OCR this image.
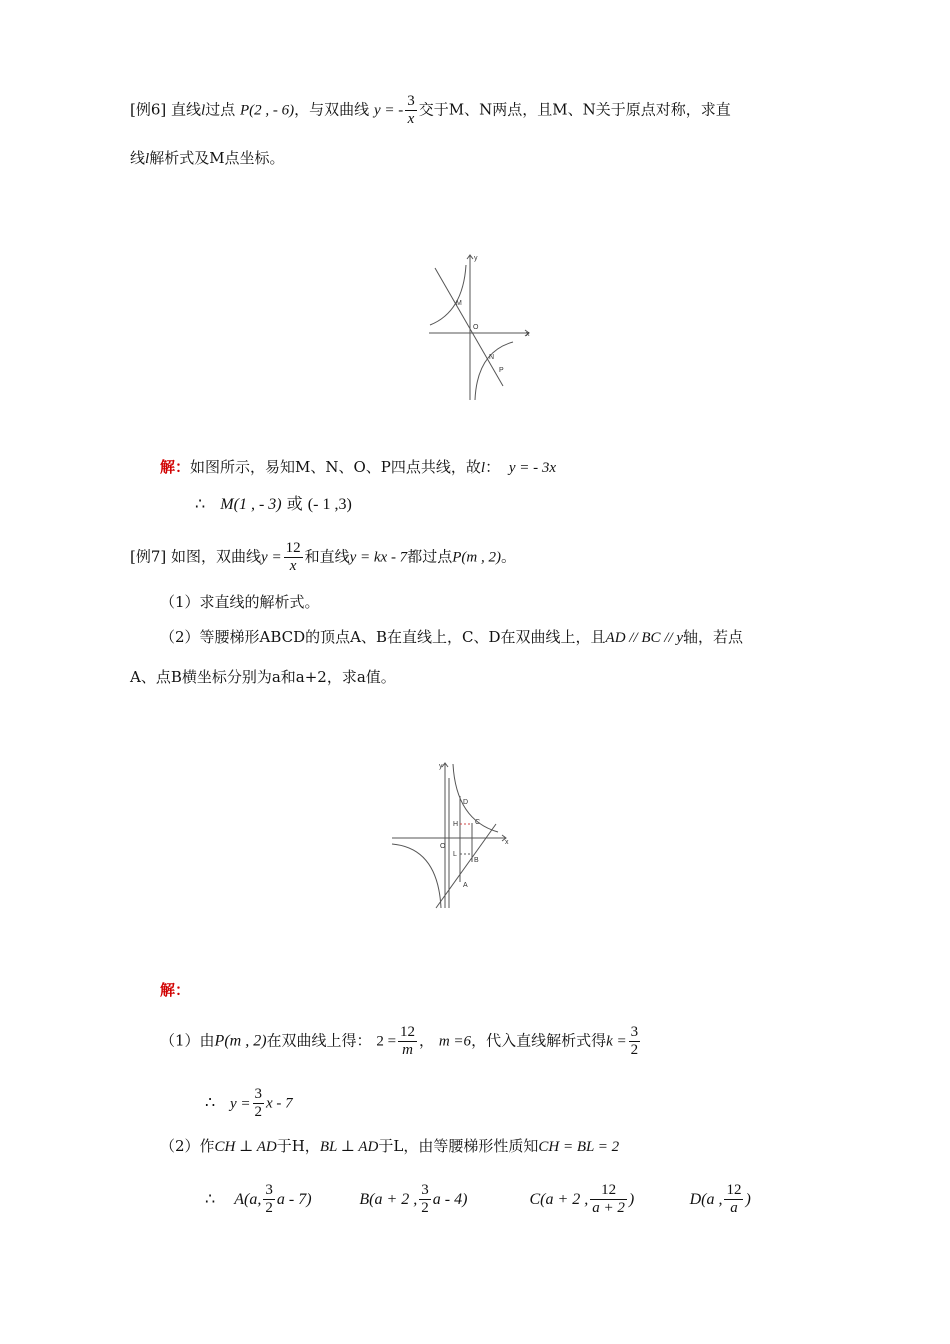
[例6] 直线l过点 P(2 , - 6)，与双曲线 y = - $\frac{3}{x}$ 交于M、N两点，且M、N关于原点对称，求直
线l解析式及M点坐标。
y
x
O
M
N
P
解：如图所示，易知M、N、O、P四点共线，故l： y = - 3x
∴ M(1 , - 3) 或 (- 1 ,3)
[例7] 如图，双曲线$y = \frac{12}{x}$ 和直线y = kx - 7都过点P(m , 2)。
（1）求直线的解析式。
（2）等腰梯形ABCD的顶点A、B在直线上，C、D在双曲线上，且AD // BC // y轴，若点
A、点B横坐标分别为a和a+2，求a值。
y
x
O
D
H C
L
B
A
解：
（1）由P(m , 2)在双曲线上得： $2 = \frac{12}{m}$ ， m =6，代入直线解析式得$k = \frac{3}{2}$
∴ $y = \frac{3}{2}$ x - 7
（2）作CH ⊥ AD于H，BL ⊥ AD于L，由等腰梯形性质知CH = BL = 2
∴ A(a, $\frac{3}{2}$ a - 7)	B(a + 2 , $\frac{3}{2}$ a - 4)	C(a + 2 , $\frac{12}{a + 2}$ )	D(a , $\frac{12}{a}$ )
